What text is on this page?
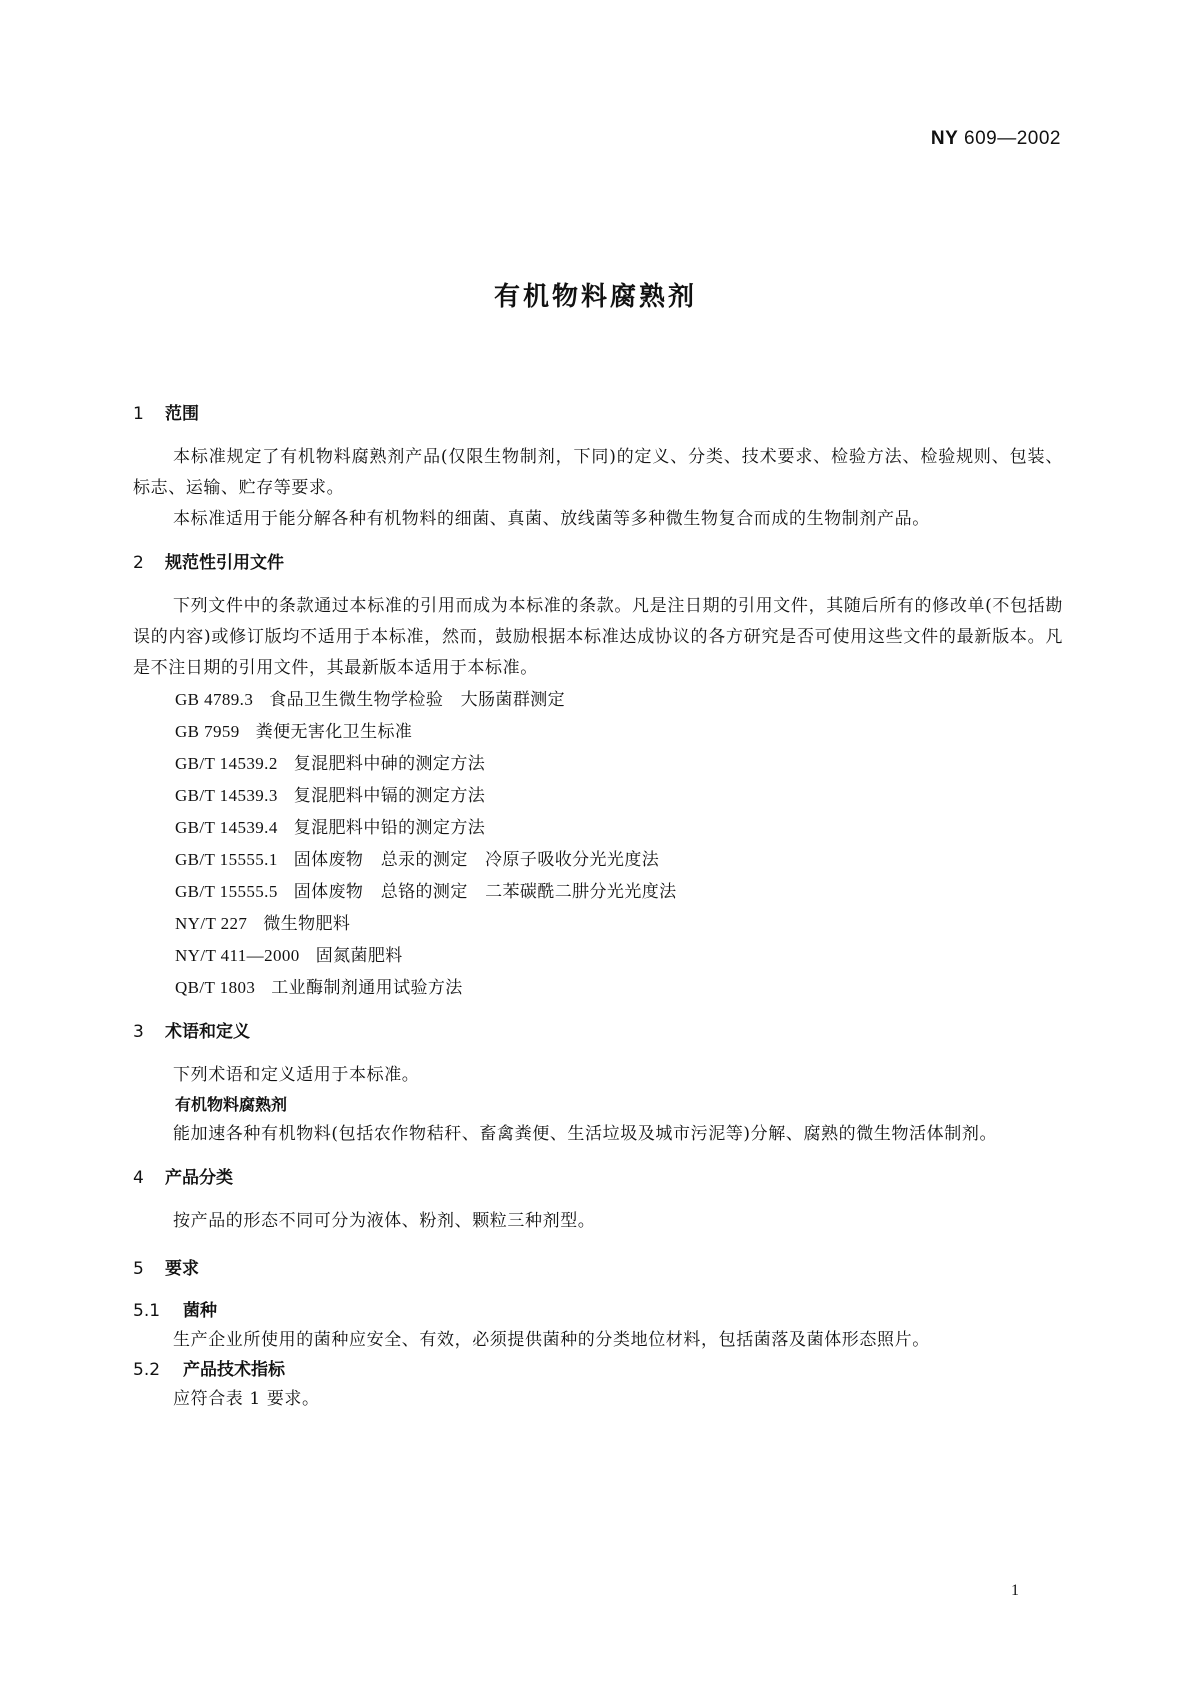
NY 609—2002
有机物料腐熟剂
1 范围

本标准规定了有机物料腐熟剂产品(仅限生物制剂，下同)的定义、分类、技术要求、检验方法、检验规则、包装、标志、运输、贮存等要求。

本标准适用于能分解各种有机物料的细菌、真菌、放线菌等多种微生物复合而成的生物制剂产品。

2 规范性引用文件

下列文件中的条款通过本标准的引用而成为本标准的条款。凡是注日期的引用文件，其随后所有的修改单(不包括勘误的内容)或修订版均不适用于本标准，然而，鼓励根据本标准达成协议的各方研究是否可使用这些文件的最新版本。凡是不注日期的引用文件，其最新版本适用于本标准。

GB 4789.3 食品卫生微生物学检验　大肠菌群测定
GB 7959 粪便无害化卫生标准
GB/T 14539.2 复混肥料中砷的测定方法
GB/T 14539.3 复混肥料中镉的测定方法
GB/T 14539.4 复混肥料中铅的测定方法
GB/T 15555.1 固体废物　总汞的测定　冷原子吸收分光光度法
GB/T 15555.5 固体废物　总铬的测定　二苯碳酰二肼分光光度法
NY/T 227 微生物肥料
NY/T 411—2000 固氮菌肥料
QB/T 1803 工业酶制剂通用试验方法
3 术语和定义

下列术语和定义适用于本标准。

有机物料腐熟剂

能加速各种有机物料(包括农作物秸秆、畜禽粪便、生活垃圾及城市污泥等)分解、腐熟的微生物活体制剂。

4 产品分类

按产品的形态不同可分为液体、粉剂、颗粒三种剂型。

5 要求
5.1 菌种

生产企业所使用的菌种应安全、有效，必须提供菌种的分类地位材料，包括菌落及菌体形态照片。

5.2 产品技术指标

应符合表 1 要求。

1
